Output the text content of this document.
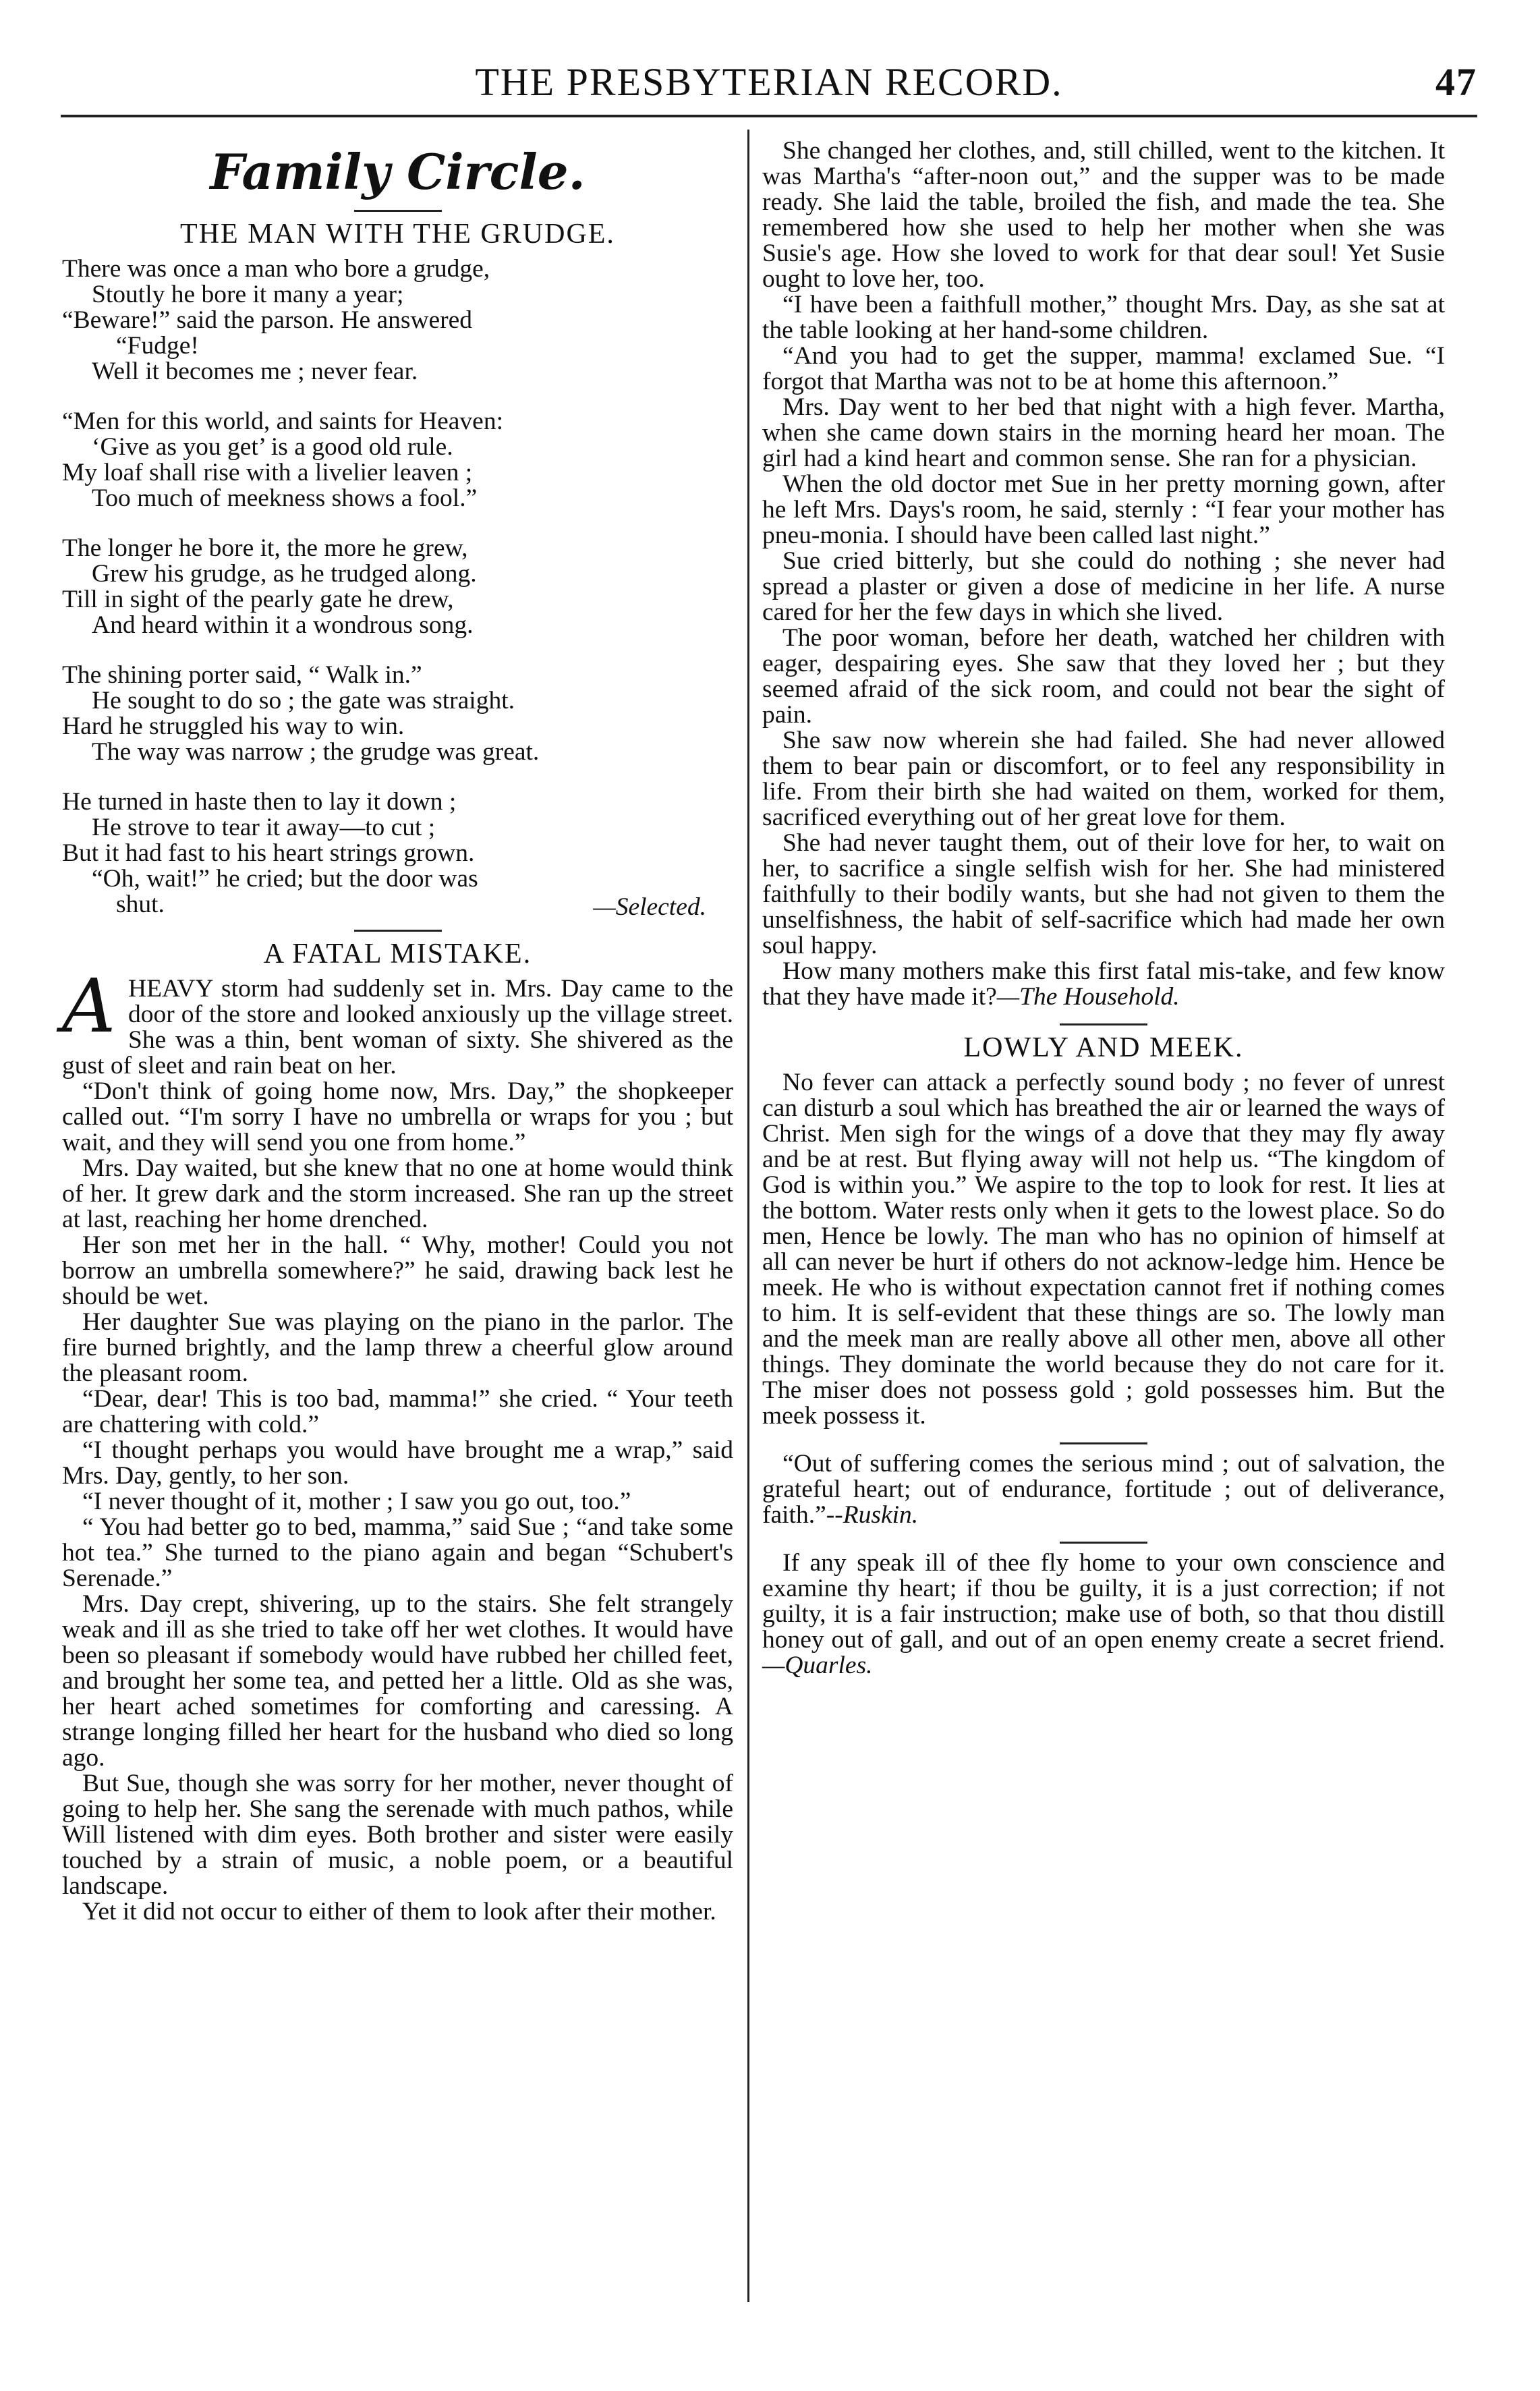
THE PRESBYTERIAN RECORD.	47
Family Circle.
THE MAN WITH THE GRUDGE.
There was once a man who bore a grudge,
Stoutly he bore it many a year;
“Beware!” said the parson. He answered
“Fudge!
Well it becomes me ; never fear.
“Men for this world, and saints for Heaven:
‘Give as you get’ is a good old rule.
My loaf shall rise with a livelier leaven ;
Too much of meekness shows a fool.”
The longer he bore it, the more he grew,
Grew his grudge, as he trudged along.
Till in sight of the pearly gate he drew,
And heard within it a wondrous song.
The shining porter said, “ Walk in.”
He sought to do so ; the gate was straight.
Hard he struggled his way to win.
The way was narrow ; the grudge was great.
He turned in haste then to lay it down ;
He strove to tear it away—to cut ;
But it had fast to his heart strings grown.
“Oh, wait!” he cried; but the door was
shut.	—Selected.
A FATAL MISTAKE.

AHEAVY storm had suddenly set in. Mrs. Day came to the door of the store and looked anxiously up the village street. She was a thin, bent woman of sixty. She shivered as the gust of sleet and rain beat on her.

“Don't think of going home now, Mrs. Day,” the shopkeeper called out. “I'm sorry I have no umbrella or wraps for you ; but wait, and they will send you one from home.”

Mrs. Day waited, but she knew that no one at home would think of her. It grew dark and the storm increased. She ran up the street at last, reaching her home drenched.

Her son met her in the hall. “ Why, mother! Could you not borrow an umbrella somewhere?” he said, drawing back lest he should be wet.

Her daughter Sue was playing on the piano in the parlor. The fire burned brightly, and the lamp threw a cheerful glow around the pleasant room.

“Dear, dear! This is too bad, mamma!” she cried. “ Your teeth are chattering with cold.”

“I thought perhaps you would have brought me a wrap,” said Mrs. Day, gently, to her son.

“I never thought of it, mother ; I saw you go out, too.”

“ You had better go to bed, mamma,” said Sue ; “and take some hot tea.” She turned to the piano again and began “Schubert's Serenade.”

Mrs. Day crept, shivering, up to the stairs. She felt strangely weak and ill as she tried to take off her wet clothes. It would have been so pleasant if somebody would have rubbed her chilled feet, and brought her some tea, and petted her a little. Old as she was, her heart ached sometimes for comforting and caressing. A strange longing filled her heart for the husband who died so long ago.

But Sue, though she was sorry for her mother, never thought of going to help her. She sang the serenade with much pathos, while Will listened with dim eyes. Both brother and sister were easily touched by a strain of music, a noble poem, or a beautiful landscape.

Yet it did not occur to either of them to look after their mother.

She changed her clothes, and, still chilled, went to the kitchen. It was Martha's “after-noon out,” and the supper was to be made ready. She laid the table, broiled the fish, and made the tea. She remembered how she used to help her mother when she was Susie's age. How she loved to work for that dear soul! Yet Susie ought to love her, too.

“I have been a faithfull mother,” thought Mrs. Day, as she sat at the table looking at her hand-some children.

“And you had to get the supper, mamma! exclamed Sue. “I forgot that Martha was not to be at home this afternoon.”

Mrs. Day went to her bed that night with a high fever. Martha, when she came down stairs in the morning heard her moan. The girl had a kind heart and common sense. She ran for a physician.

When the old doctor met Sue in her pretty morning gown, after he left Mrs. Days's room, he said, sternly : “I fear your mother has pneu-monia. I should have been called last night.”

Sue cried bitterly, but she could do nothing ; she never had spread a plaster or given a dose of medicine in her life. A nurse cared for her the few days in which she lived.

The poor woman, before her death, watched her children with eager, despairing eyes. She saw that they loved her ; but they seemed afraid of the sick room, and could not bear the sight of pain.

She saw now wherein she had failed. She had never allowed them to bear pain or discomfort, or to feel any responsibility in life. From their birth she had waited on them, worked for them, sacrificed everything out of her great love for them.

She had never taught them, out of their love for her, to wait on her, to sacrifice a single selfish wish for her. She had ministered faithfully to their bodily wants, but she had not given to them the unselfishness, the habit of self-sacrifice which had made her own soul happy.

How many mothers make this first fatal mis-take, and few know that they have made it?—The Household.

LOWLY AND MEEK.

No fever can attack a perfectly sound body ; no fever of unrest can disturb a soul which has breathed the air or learned the ways of Christ. Men sigh for the wings of a dove that they may fly away and be at rest. But flying away will not help us. “The kingdom of God is within you.” We aspire to the top to look for rest. It lies at the bottom. Water rests only when it gets to the lowest place. So do men, Hence be lowly. The man who has no opinion of himself at all can never be hurt if others do not acknow-ledge him. Hence be meek. He who is without expectation cannot fret if nothing comes to him. It is self-evident that these things are so. The lowly man and the meek man are really above all other men, above all other things. They dominate the world because they do not care for it. The miser does not possess gold ; gold possesses him. But the meek possess it.

“Out of suffering comes the serious mind ; out of salvation, the grateful heart; out of endurance, fortitude ; out of deliverance, faith.”--Ruskin.

If any speak ill of thee fly home to your own conscience and examine thy heart; if thou be guilty, it is a just correction; if not guilty, it is a fair instruction; make use of both, so that thou distill honey out of gall, and out of an open enemy create a secret friend.—Quarles.
